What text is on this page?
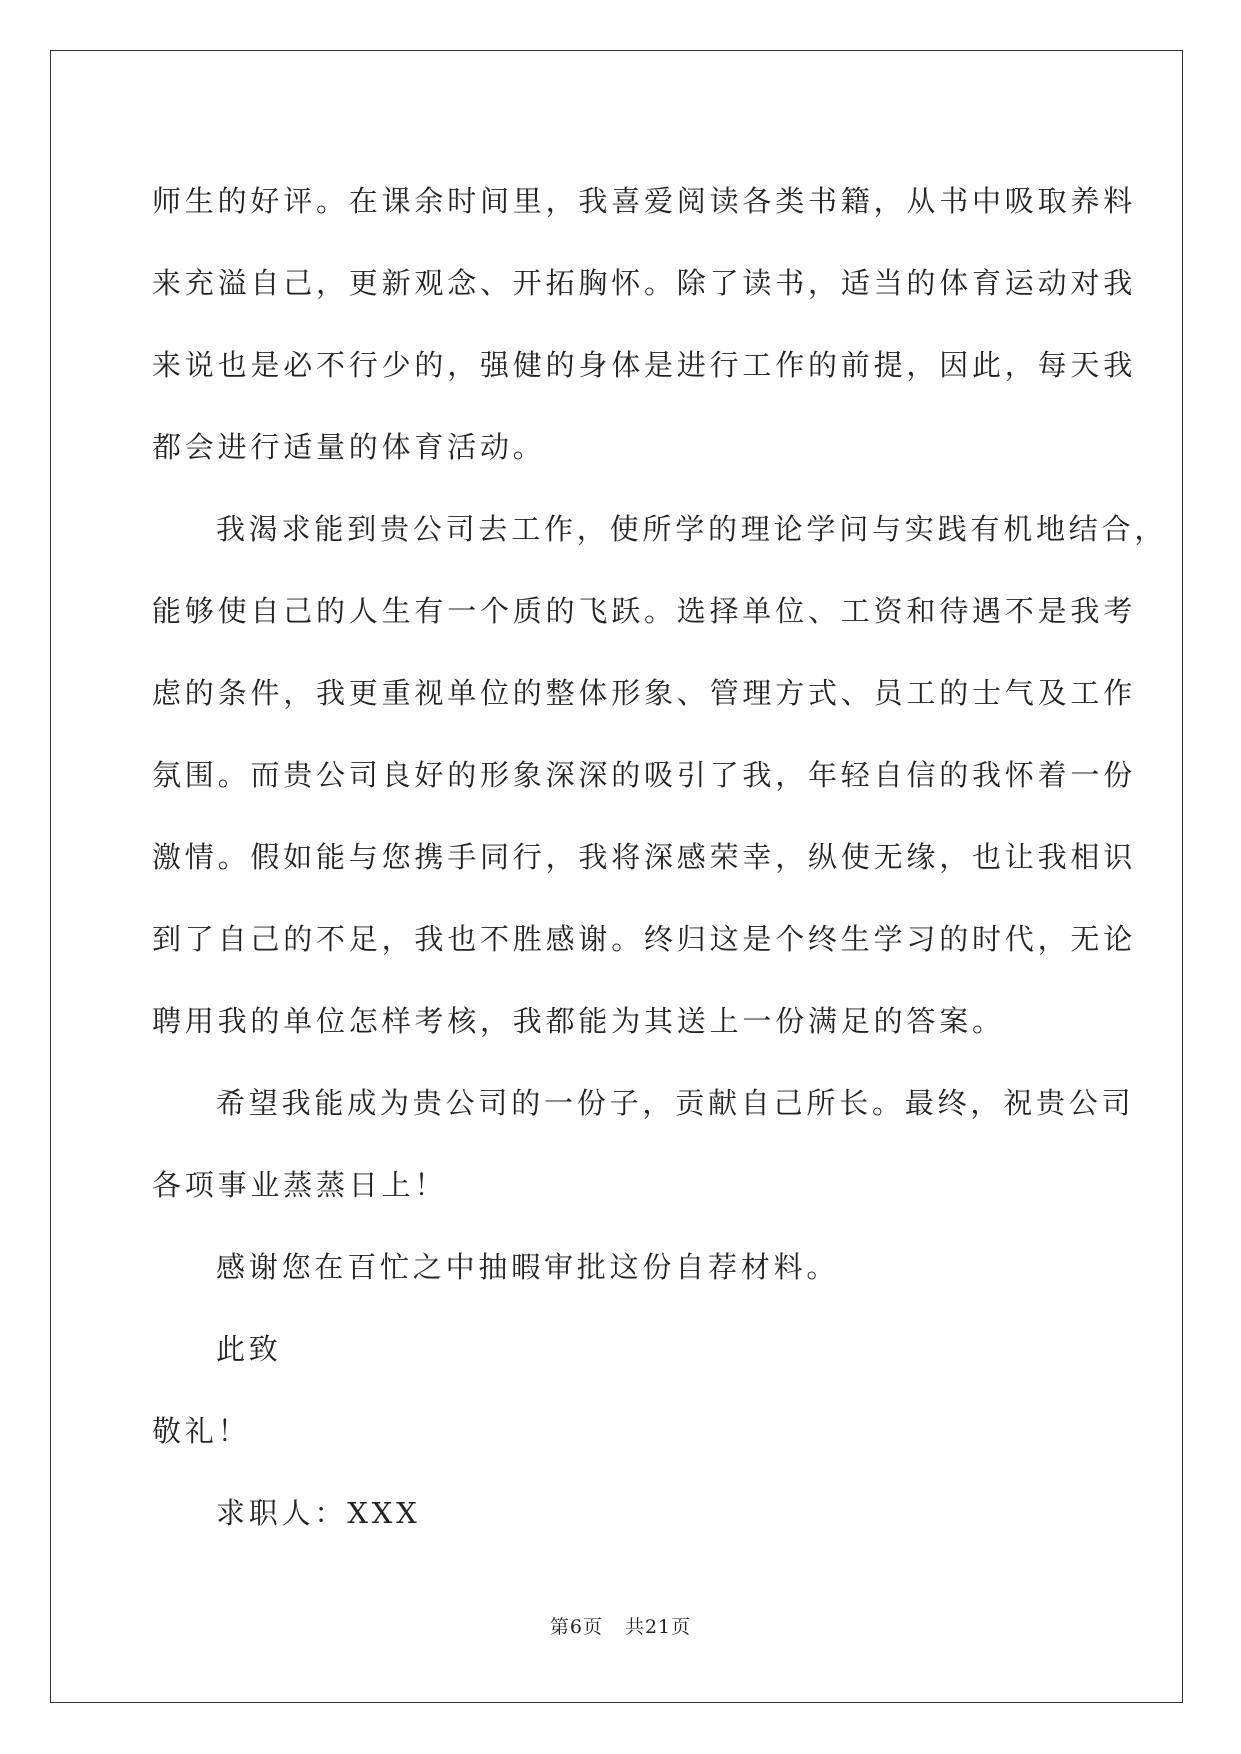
师生的好评。在课余时间里，我喜爱阅读各类书籍，从书中吸取养料
来充溢自己，更新观念、开拓胸怀。除了读书，适当的体育运动对我
来说也是必不行少的，强健的身体是进行工作的前提，因此，每天我
都会进行适量的体育活动。
我渴求能到贵公司去工作，使所学的理论学问与实践有机地结合，
能够使自己的人生有一个质的飞跃。选择单位、工资和待遇不是我考
虑的条件，我更重视单位的整体形象、管理方式、员工的士气及工作
氛围。而贵公司良好的形象深深的吸引了我，年轻自信的我怀着一份
激情。假如能与您携手同行，我将深感荣幸，纵使无缘，也让我相识
到了自己的不足，我也不胜感谢。终归这是个终生学习的时代，无论
聘用我的单位怎样考核，我都能为其送上一份满足的答案。
希望我能成为贵公司的一份子，贡献自己所长。最终，祝贵公司
各项事业蒸蒸日上！
感谢您在百忙之中抽暇审批这份自荐材料。
此致
敬礼！
求职人：XXX
第6页 共21页
